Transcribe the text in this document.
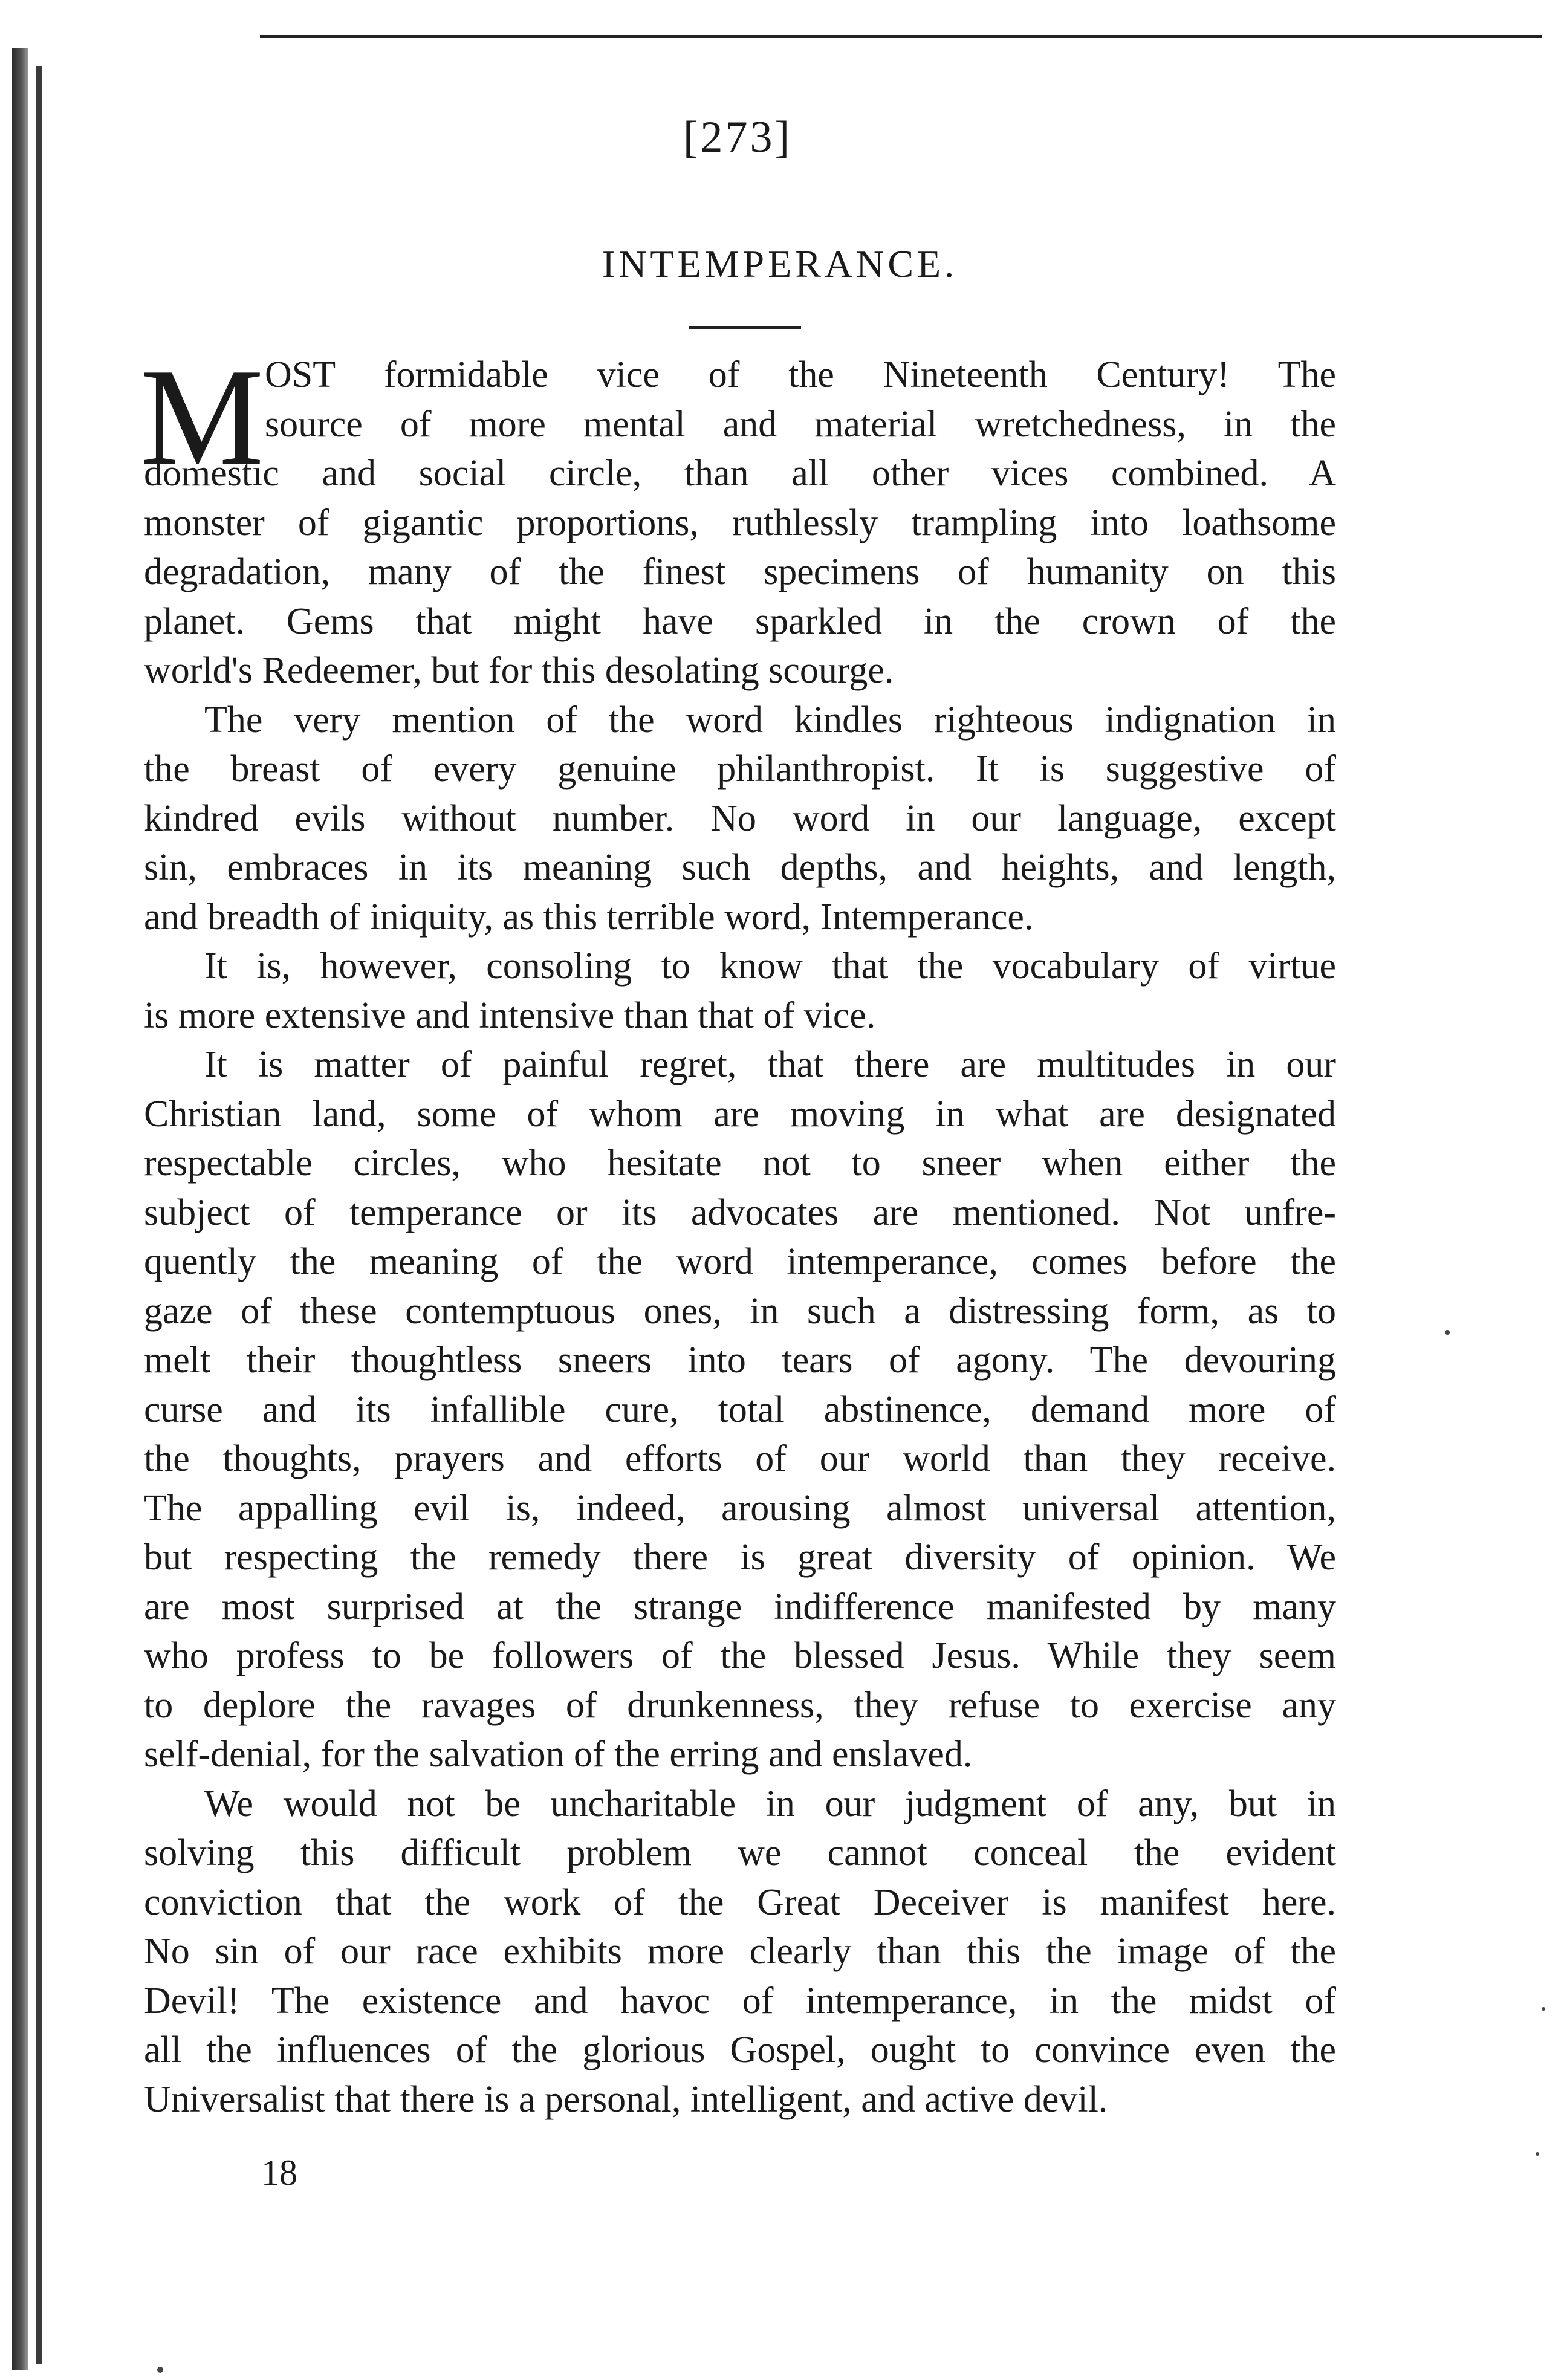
[273]
INTEMPERANCE.
M OST formidable vice of the Nineteenth Century! The
source of more mental and material wretchedness, in the
domestic and social circle, than all other vices combined. A
monster of gigantic proportions, ruthlessly trampling into loathsome
degradation, many of the finest specimens of humanity on this
planet. Gems that might have sparkled in the crown of the
world's Redeemer, but for this desolating scourge.
The very mention of the word kindles righteous indignation in
the breast of every genuine philanthropist. It is suggestive of
kindred evils without number. No word in our language, except
sin, embraces in its meaning such depths, and heights, and length,
and breadth of iniquity, as this terrible word, Intemperance.
It is, however, consoling to know that the vocabulary of virtue
is more extensive and intensive than that of vice.
It is matter of painful regret, that there are multitudes in our
Christian land, some of whom are moving in what are designated
respectable circles, who hesitate not to sneer when either the
subject of temperance or its advocates are mentioned. Not unfre-
quently the meaning of the word intemperance, comes before the
gaze of these contemptuous ones, in such a distressing form, as to
melt their thoughtless sneers into tears of agony. The devouring
curse and its infallible cure, total abstinence, demand more of
the thoughts, prayers and efforts of our world than they receive.
The appalling evil is, indeed, arousing almost universal attention,
but respecting the remedy there is great diversity of opinion. We
are most surprised at the strange indifference manifested by many
who profess to be followers of the blessed Jesus. While they seem
to deplore the ravages of drunkenness, they refuse to exercise any
self-denial, for the salvation of the erring and enslaved.
We would not be uncharitable in our judgment of any, but in
solving this difficult problem we cannot conceal the evident
conviction that the work of the Great Deceiver is manifest here.
No sin of our race exhibits more clearly than this the image of the
Devil! The existence and havoc of intemperance, in the midst of
all the influences of the glorious Gospel, ought to convince even the
Universalist that there is a personal, intelligent, and active devil.
18
